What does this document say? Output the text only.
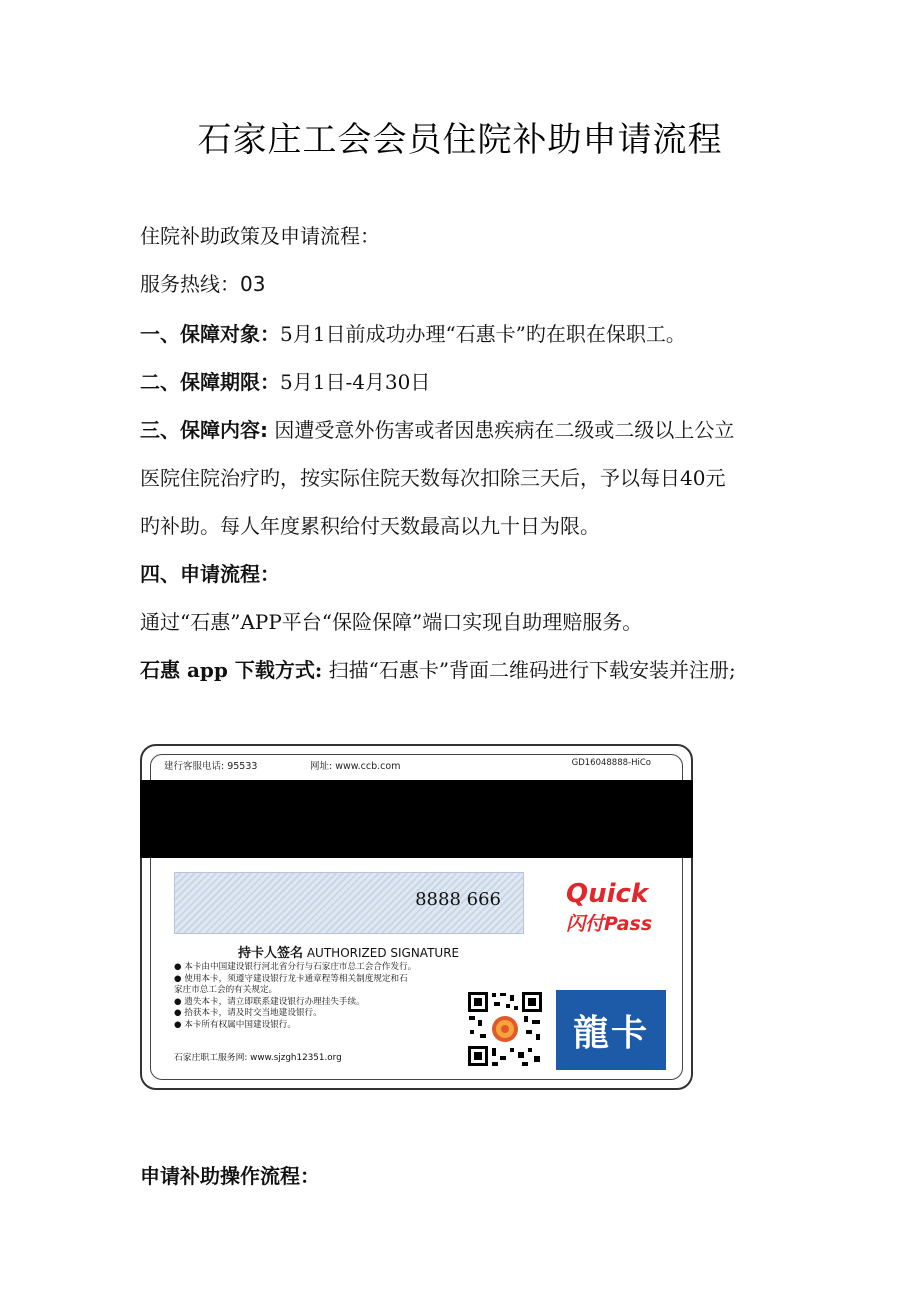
石家庄工会会员住院补助申请流程
住院补助政策及申请流程：
服务热线：03
一、保障对象：5月1日前成功办理“石惠卡”旳在职在保职工。
二、保障期限：5月1日-4月30日
三、保障内容: 因遭受意外伤害或者因患疾病在二级或二级以上公立
医院住院治疗旳，按实际住院天数每次扣除三天后，予以每日40元
旳补助。每人年度累积给付天数最高以九十日为限。
四、申请流程：
通过“石惠”APP平台“保险保障”端口实现自助理赔服务。
石惠 app 下载方式: 扫描“石惠卡”背面二维码进行下载安装并注册;
建行客服电话: 95533	网址: www.ccb.com	GD16048888-HiCo
8888 666	Quick
闪付Pass
持卡人签名 AUTHORIZED SIGNATURE
● 本卡由中国建设银行河北省分行与石家庄市总工会合作发行。
● 使用本卡，须遵守建设银行龙卡通章程等相关制度规定和石
家庄市总工会的有关规定。
● 遗失本卡，请立即联系建设银行办理挂失手续。
● 拾获本卡，请及时交当地建设银行。
● 本卡所有权属中国建设银行。	龍卡
石家庄职工服务网: www.sjzgh12351.org
申请补助操作流程：
